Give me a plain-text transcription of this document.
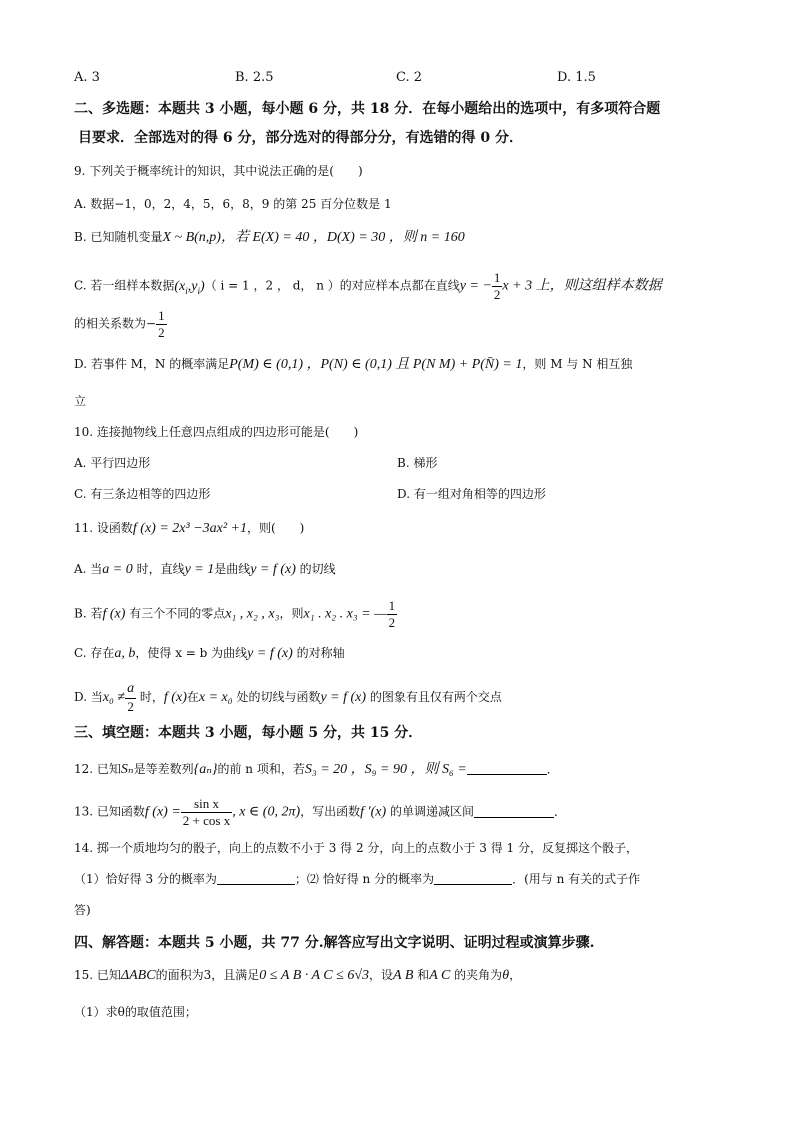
A. 3	B. 2.5	C. 2	D. 1.5
二、多选题：本题共 3 小题，每小题 6 分，共 18 分．在每小题给出的选项中，有多项符合题
目要求．全部选对的得 6 分，部分选对的得部分分，有选错的得 0 分．
9. 下列关于概率统计的知识，其中说法正确的是(　　)
A. 数据−1，0，2，4，5，6，8，9 的第 25 百分位数是 1
B. 已知随机变量X ~ B(n,p)，若 E(X) = 40 ，D(X) = 30 ，则 n = 160
C. 若一组样本数据$(x_i,y_i)$（ i = 1 ，2 ， d， n ）的对应样本点都在直线y = − $\frac{1}{2}$ x + 3 上，则这组样本数据
的相关系数为− $\frac{1}{2}$
D. 若事件 M，N 的概率满足P(M) ∈ (0,1) ，P(N) ∈ (0,1) 且 P(N M) + P(N̄) = 1，则 M 与 N 相互独
立
10. 连接抛物线上任意四点组成的四边形可能是(　　)
A. 平行四边形	B. 梯形
C. 有三条边相等的四边形	D. 有一组对角相等的四边形
11. 设函数f (x) = 2x³ −3ax² +1，则(　　)
A. 当a = 0 时，直线y = 1是曲线y = f (x) 的切线
B. 若f (x) 有三个不同的零点x₁ , x₂ , x₃，则x₁ . x₂ . x₃ = — $\frac{1}{2}$
C. 存在a, b，使得 x = b 为曲线y = f (x) 的对称轴
D. 当$x_0 \ne \frac{a}{2}$ 时，f (x)在x = x₀ 处的切线与函数y = f (x) 的图象有且仅有两个交点
三、填空题：本题共 3 小题，每小题 5 分，共 15 分．
12. 已知Sₙ是等差数列{aₙ}的前 n 项和，若S₃ = 20 ，S₉ = 90 ，则 S₆ =	．
13. 已知函数f $(x) = \frac{\text{sin x}}{\text{2 + cos x}}$ , x ∈ (0, 2π)，写出函数f ′(x) 的单调递减区间	．
14. 掷一个质地均匀的骰子，向上的点数不小于 3 得 2 分，向上的点数小于 3 得 1 分，反复掷这个骰子，
（1）恰好得 3 分的概率为	；⑵ 恰好得 n 分的概率为	．(用与 n 有关的式子作
答)
四、解答题：本题共 5 小题，共 77 分.解答应写出文字说明、证明过程或演算步骤.
15. 已知ΔABC的面积为3，且满足0 ≤ A B · A C ≤ 6√3，设A B 和A C 的夹角为θ，
（1）求θ的取值范围；
